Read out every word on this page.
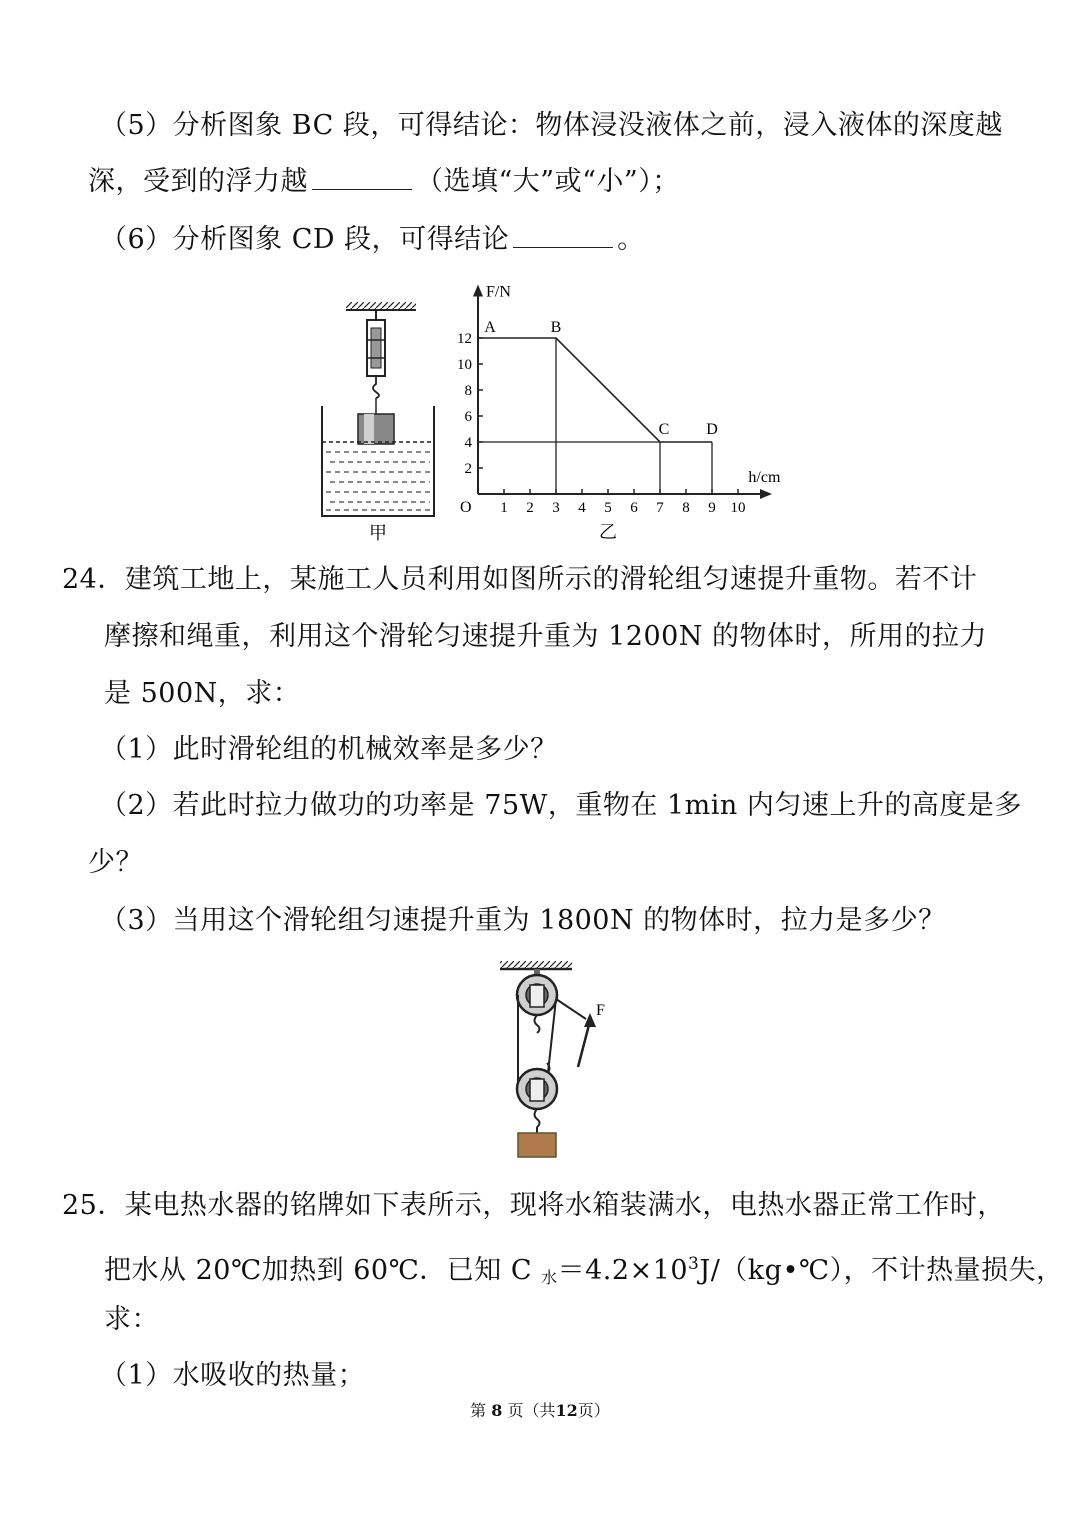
（5）分析图象 BC 段，可得结论：物体浸没液体之前，浸入液体的深度越
深，受到的浮力越	（选填“大”或“小”）；
（6）分析图象 CD 段，可得结论	。
甲
1 2 3 4 5 6 7 8 9 10
2
4
6
8
10
12
A	B
C D
F/N
h/cm
O
乙
24．建筑工地上，某施工人员利用如图所示的滑轮组匀速提升重物。若不计
摩擦和绳重，利用这个滑轮匀速提升重为 1200N 的物体时，所用的拉力
是 500N，求：
（1）此时滑轮组的机械效率是多少？
（2）若此时拉力做功的功率是 75W，重物在 1min 内匀速上升的高度是多
少？
（3）当用这个滑轮组匀速提升重为 1800N 的物体时，拉力是多少？
F
25．某电热水器的铭牌如下表所示，现将水箱装满水，电热水器正常工作时，
把水从 20℃加热到 60℃．已知 C 水$=4.2\times 10^3J/(kg•℃)$，不计热量损失，
求：
（1）水吸收的热量；
第 8 页（共12页）
